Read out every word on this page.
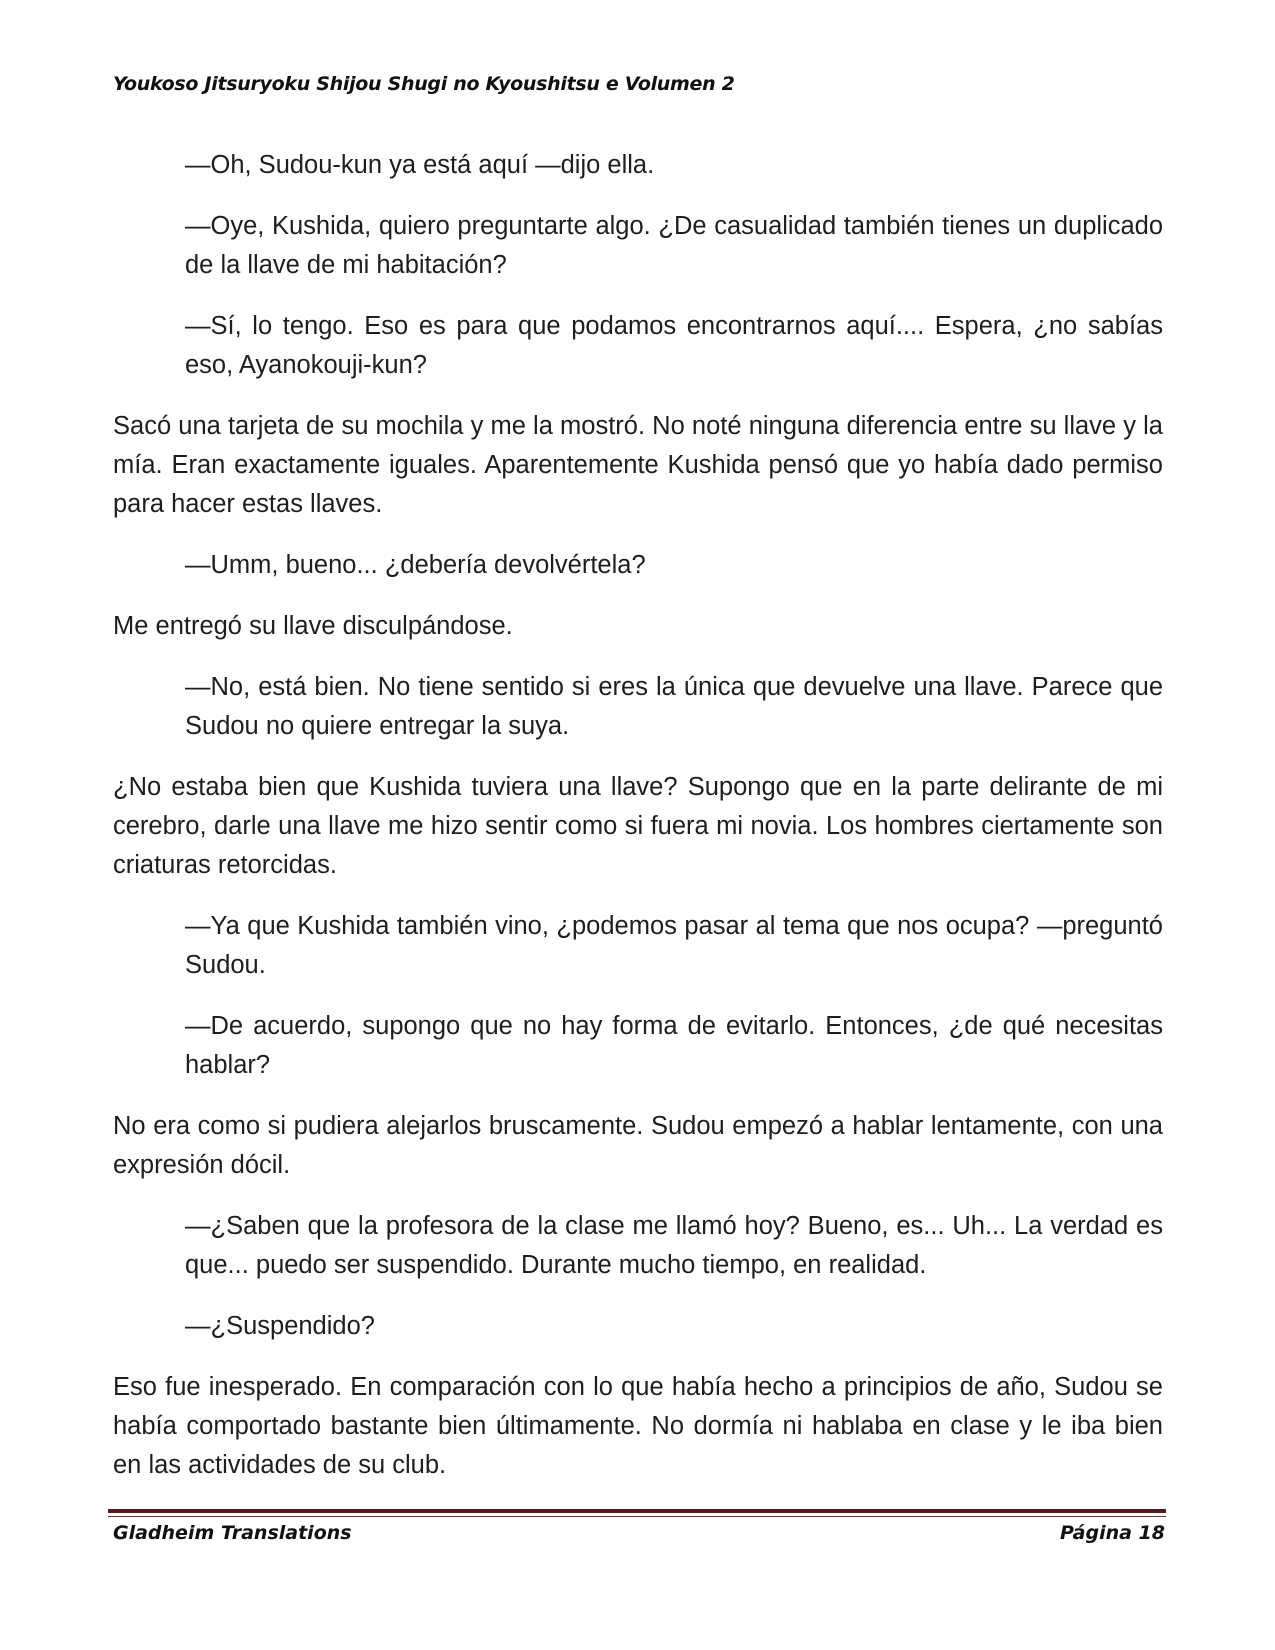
Youkoso Jitsuryoku Shijou Shugi no Kyoushitsu e Volumen 2

—Oh, Sudou-kun ya está aquí —dijo ella.

—Oye, Kushida, quiero preguntarte algo. ¿De casualidad también tienes un duplicado de la llave de mi habitación?

—Sí, lo tengo. Eso es para que podamos encontrarnos aquí.... Espera, ¿no sabías eso, Ayanokouji-kun?

Sacó una tarjeta de su mochila y me la mostró. No noté ninguna diferencia entre su llave y la mía. Eran exactamente iguales. Aparentemente Kushida pensó que yo había dado permiso para hacer estas llaves.

—Umm, bueno... ¿debería devolvértela?

Me entregó su llave disculpándose.

—No, está bien. No tiene sentido si eres la única que devuelve una llave. Parece que Sudou no quiere entregar la suya.

¿No estaba bien que Kushida tuviera una llave? Supongo que en la parte delirante de mi cerebro, darle una llave me hizo sentir como si fuera mi novia. Los hombres ciertamente son criaturas retorcidas.

—Ya que Kushida también vino, ¿podemos pasar al tema que nos ocupa? —preguntó Sudou.

—De acuerdo, supongo que no hay forma de evitarlo. Entonces, ¿de qué necesitas hablar?

No era como si pudiera alejarlos bruscamente. Sudou empezó a hablar lentamente, con una expresión dócil.

—¿Saben que la profesora de la clase me llamó hoy? Bueno, es... Uh... La verdad es que... puedo ser suspendido. Durante mucho tiempo, en realidad.

—¿Suspendido?

Eso fue inesperado. En comparación con lo que había hecho a principios de año, Sudou se había comportado bastante bien últimamente. No dormía ni hablaba en clase y le iba bien en las actividades de su club.

Gladheim Translations	Página 18
